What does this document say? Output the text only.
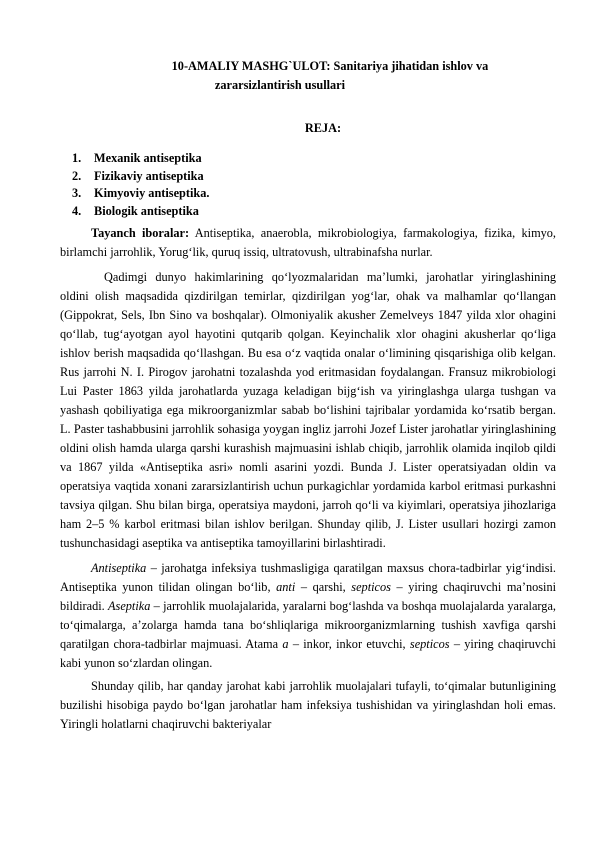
10-AMALIY MASHG`ULOT: Sanitariya jihatidan ishlov va
zararsizlantirish usullari
REJA:
1.	Mexanik antiseptika
2.	Fizikaviy antiseptika
3.	Kimyoviy antiseptika.
4.	Biologik antiseptika

Tayanch iboralar: Antiseptika, anaerobla, mikrobiologiya, farmakologiya, fizika, kimyo, birlamchi jarrohlik, Yorug‘lik, quruq issiq, ultratovush, ultrabinafsha nurlar.

Qadimgi dunyo hakimlarining qo‘lyozmalaridan ma’lumki, jarohatlar yiringlashining oldini olish maqsadida qizdirilgan temirlar, qizdirilgan yog‘lar, ohak va malhamlar qo‘llangan (Gippokrat, Sels, Ibn Sino va boshqalar). Olmoniyalik akusher Zemelveys 1847 yilda xlor ohagini qo‘llab, tug‘ayotgan ayol hayotini qutqarib qolgan. Keyinchalik xlor ohagini akusherlar qo‘liga ishlov berish maqsadida qo‘llashgan. Bu esa o‘z vaqtida onalar o‘limining qisqarishiga olib kelgan. Rus jarrohi N. I. Pirogov jarohatni tozalashda yod eritmasidan foydalangan. Fransuz mikrobiologi Lui Paster 1863 yilda jarohatlarda yuzaga keladigan bijg‘ish va yiringlashga ularga tushgan va yashash qobiliyatiga ega mikroorganizmlar sabab bo‘lishini tajribalar yordamida ko‘rsatib bergan. L. Paster tashabbusini jarrohlik sohasiga yoygan ingliz jarrohi Jozef Lister jarohatlar yiringlashining oldini olish hamda ularga qarshi kurashish majmuasini ishlab chiqib, jarrohlik olamida inqilob qildi va 1867 yilda «Antiseptika asri» nomli asarini yozdi. Bunda J. Lister operatsiyadan oldin va operatsiya vaqtida xonani zararsizlantirish uchun purkagichlar yordamida karbol eritmasi purkashni tavsiya qilgan. Shu bilan birga, operatsiya maydoni, jarroh qo‘li va kiyimlari, operatsiya jihozlariga ham 2–5 % karbol eritmasi bilan ishlov berilgan. Shunday qilib, J. Lister usullari hozirgi zamon tushunchasidagi aseptika va antiseptika tamoyillarini birlashtiradi.

Antiseptika – jarohatga infeksiya tushmasligiga qaratilgan maxsus chora-tadbirlar yig‘indisi. Antiseptika yunon tilidan olingan bo‘lib, anti – qarshi, septicos – yiring chaqiruvchi ma’nosini bildiradi. Aseptika – jarrohlik muolajalarida, yaralarni bog‘lashda va boshqa muolajalarda yaralarga, to‘qimalarga, a’zolarga hamda tana bo‘shliqlariga mikroorganizmlarning tushish xavfiga qarshi qaratilgan chora-tadbirlar majmuasi. Atama a – inkor, inkor etuvchi, septicos – yiring chaqiruvchi kabi yunon so‘zlardan olingan.

Shunday qilib, har qanday jarohat kabi jarrohlik muolajalari tufayli, to‘qimalar butunligining buzilishi hisobiga paydo bo‘lgan jarohatlar ham infeksiya tushishidan va yiringlashdan holi emas. Yiringli holatlarni chaqiruvchi bakteriyalar
